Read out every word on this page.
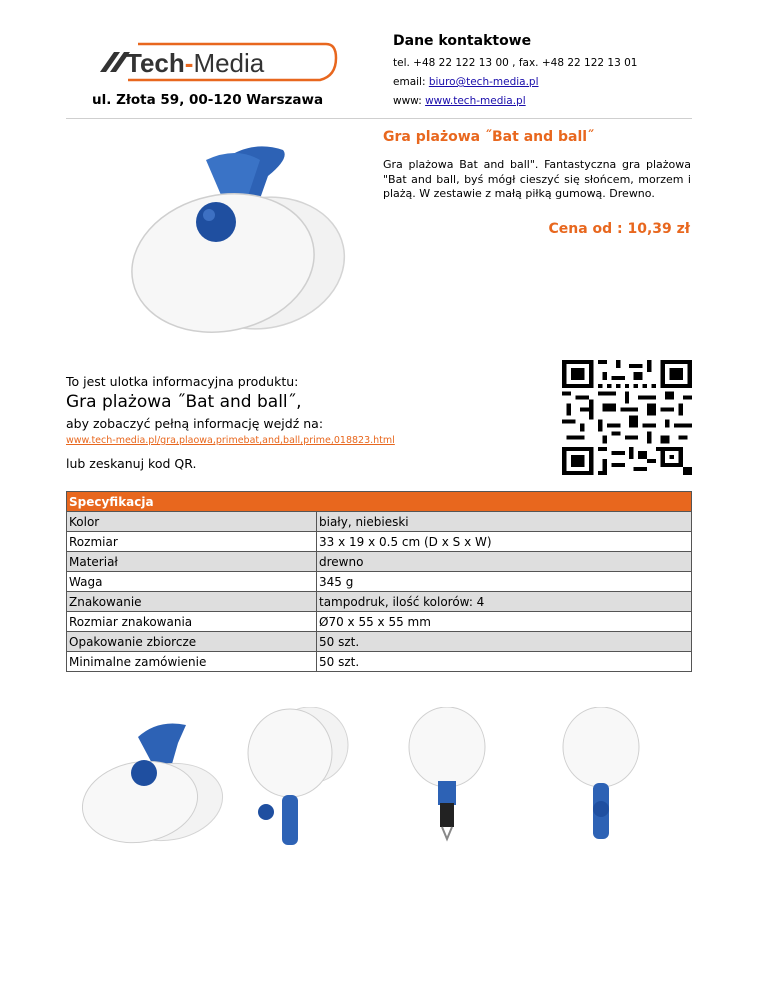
Tech-Media
ul. Złota 59, 00-120 Warszawa
Dane kontaktowe
tel. +48 22 122 13 00 , fax. +48 22 122 13 01
email: biuro@tech-media.pl
www: www.tech-media.pl
Gra plażowa ˝Bat and ball˝
Gra plażowa Bat and ball". Fantastyczna gra plażowa "Bat and ball, byś mógł cieszyć się słońcem, morzem i plażą. W zestawie z małą piłką gumową. Drewno.
Cena od : 10,39 zł
To jest ulotka informacyjna produktu:
Gra plażowa ˝Bat and ball˝,
aby zobaczyć pełną informację wejdź na:
www.tech-media.pl/gra,plaowa,primebat,and,ball,prime,018823.html
lub zeskanuj kod QR.
Specyfikacja	
Kolor	biały, niebieski
Rozmiar	33 x 19 x 0.5 cm (D x S x W)
Materiał	drewno
Waga	345 g
Znakowanie	tampodruk, ilość kolorów: 4
Rozmiar znakowania	Ø70 x 55 x 55 mm
Opakowanie zbiorcze	50 szt.
Minimalne zamówienie	50 szt.
